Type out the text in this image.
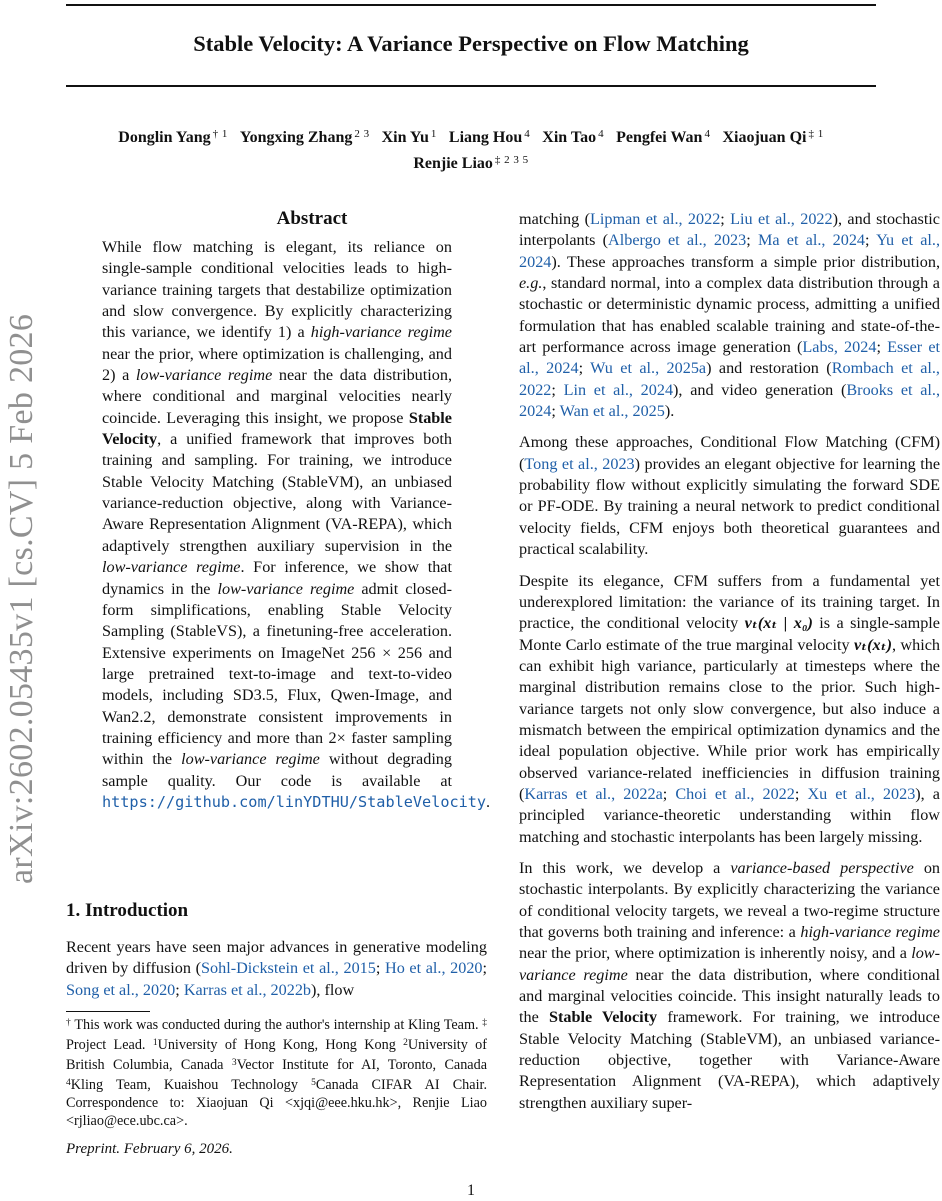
Stable Velocity: A Variance Perspective on Flow Matching
Donglin Yang $^{\dagger 1}$ Yongxing Zhang $^{2 3}$ Xin Yu $^1$ Liang Hou $^4$ Xin Tao $^4$ Pengfei Wan $^4$ Xiaojuan Qi $^{\ddagger 1}$ Renjie Liao $^{\ddagger 2 3 5}$
arXiv:2602.05435v1 [cs.CV] 5 Feb 2026
Abstract
While flow matching is elegant, its reliance on single-sample conditional velocities leads to high-variance training targets that destabilize optimization and slow convergence. By explicitly characterizing this variance, we identify 1) a high-variance regime near the prior, where optimization is challenging, and 2) a low-variance regime near the data distribution, where conditional and marginal velocities nearly coincide. Leveraging this insight, we propose Stable Velocity, a unified framework that improves both training and sampling. For training, we introduce Stable Velocity Matching (StableVM), an unbiased variance-reduction objective, along with Variance-Aware Representation Alignment (VA-REPA), which adaptively strengthen auxiliary supervision in the low-variance regime. For inference, we show that dynamics in the low-variance regime admit closed-form simplifications, enabling Stable Velocity Sampling (StableVS), a finetuning-free acceleration. Extensive experiments on ImageNet 256 × 256 and large pretrained text-to-image and text-to-video models, including SD3.5, Flux, Qwen-Image, and Wan2.2, demonstrate consistent improvements in training efficiency and more than 2× faster sampling within the low-variance regime without degrading sample quality. Our code is available at https://github.com/linYDTHU/StableVelocity.
1. Introduction
Recent years have seen major advances in generative modeling driven by diffusion (Sohl-Dickstein et al., 2015; Ho et al., 2020; Song et al., 2020; Karras et al., 2022b), flow
† This work was conducted during the author's internship at Kling Team. ‡ Project Lead. $^1$University of Hong Kong, Hong Kong $^2$University of British Columbia, Canada $^3$Vector Institute for AI, Toronto, Canada $^4$Kling Team, Kuaishou Technology $^5$Canada CIFAR AI Chair. Correspondence to: Xiaojuan Qi <xjqi@eee.hku.hk>, Renjie Liao <rjliao@ece.ubc.ca>.
Preprint. February 6, 2026.

matching (Lipman et al., 2022; Liu et al., 2022), and stochastic interpolants (Albergo et al., 2023; Ma et al., 2024; Yu et al., 2024). These approaches transform a simple prior distribution, e.g., standard normal, into a complex data distribution through a stochastic or deterministic dynamic process, admitting a unified formulation that has enabled scalable training and state-of-the-art performance across image generation (Labs, 2024; Esser et al., 2024; Wu et al., 2025a) and restoration (Rombach et al., 2022; Lin et al., 2024), and video generation (Brooks et al., 2024; Wan et al., 2025).

Among these approaches, Conditional Flow Matching (CFM) (Tong et al., 2023) provides an elegant objective for learning the probability flow without explicitly simulating the forward SDE or PF-ODE. By training a neural network to predict conditional velocity fields, CFM enjoys both theoretical guarantees and practical scalability.

Despite its elegance, CFM suffers from a fundamental yet underexplored limitation: the variance of its training target. In practice, the conditional velocity vₜ(xₜ | x₀) is a single-sample Monte Carlo estimate of the true marginal velocity vₜ(xₜ), which can exhibit high variance, particularly at timesteps where the marginal distribution remains close to the prior. Such high-variance targets not only slow convergence, but also induce a mismatch between the empirical optimization dynamics and the ideal population objective. While prior work has empirically observed variance-related inefficiencies in diffusion training (Karras et al., 2022a; Choi et al., 2022; Xu et al., 2023), a principled variance-theoretic understanding within flow matching and stochastic interpolants has been largely missing.

In this work, we develop a variance-based perspective on stochastic interpolants. By explicitly characterizing the variance of conditional velocity targets, we reveal a two-regime structure that governs both training and inference: a high-variance regime near the prior, where optimization is inherently noisy, and a low-variance regime near the data distribution, where conditional and marginal velocities coincide. This insight naturally leads to the Stable Velocity framework. For training, we introduce Stable Velocity Matching (StableVM), an unbiased variance-reduction objective, together with Variance-Aware Representation Alignment (VA-REPA), which adaptively strengthen auxiliary super-

1
